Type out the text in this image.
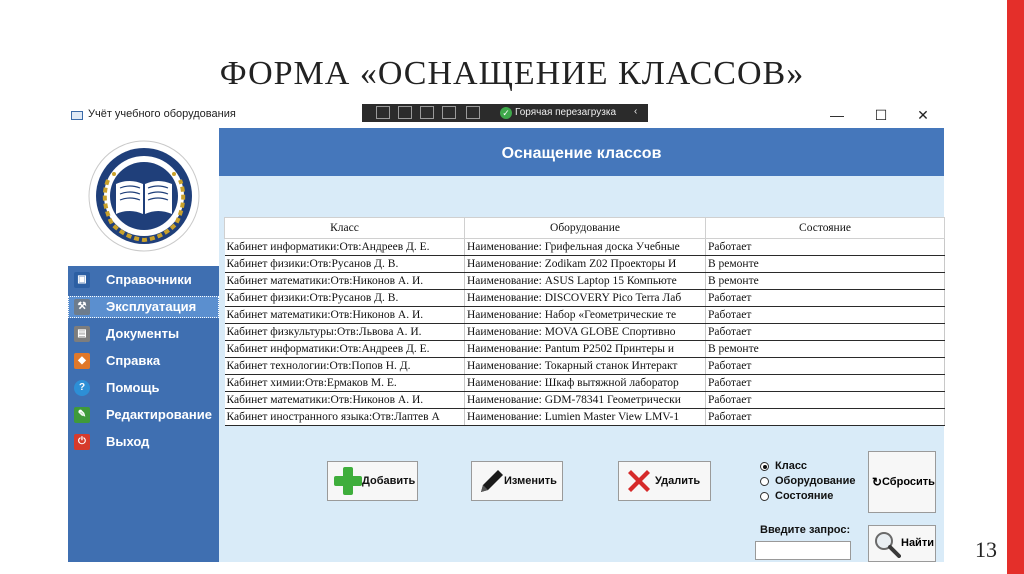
ФОРМА «ОСНАЩЕНИЕ КЛАССОВ»
13
Учёт учебного оборудования	✓ Горячая перезагрузка ‹	— ☐ ✕
▣ Справочники
⚒ Эксплуатация
▤ Документы
◆	Справка
?	Помощь
✎ Редактирование
⏻	Выход
Оснащение классов
Класс	Оборудование	Состояние
Кабинет информатики:Отв:Андреев Д. Е.	Наименование: Грифельная доска Учебные	Работает
Кабинет физики:Отв:Русанов Д. В.	Наименование: Zodikam Z02 Проекторы И	В ремонте
Кабинет математики:Отв:Никонов А. И.	Наименование: ASUS Laptop 15 Компьюте	В ремонте
Кабинет физики:Отв:Русанов Д. В.	Наименование: DISCOVERY Pico Terra Лаб	Работает
Кабинет математики:Отв:Никонов А. И.	Наименование: Набор «Геометрические те	Работает
Кабинет физкультуры:Отв:Львова А. И.	Наименование: MOVA GLOBE Спортивно	Работает
Кабинет информатики:Отв:Андреев Д. Е.	Наименование: Pantum P2502 Принтеры и	В ремонте
Кабинет технологии:Отв:Попов Н. Д.	Наименование: Токарный станок Интеракт	Работает
Кабинет химии:Отв:Ермаков М. Е.	Наименование: Шкаф вытяжной лаборатор	Работает
Кабинет математики:Отв:Никонов А. И.	Наименование: GDM-78341 Геометрически	Работает
Кабинет иностранного языка:Отв:Лаптев А	Наименование: Lumien Master View LMV-1	Работает
Добавить	Изменить	Удалить
Класс
Оборудование
Состояние
↻ Сбросить
Введите запрос:
Найти
